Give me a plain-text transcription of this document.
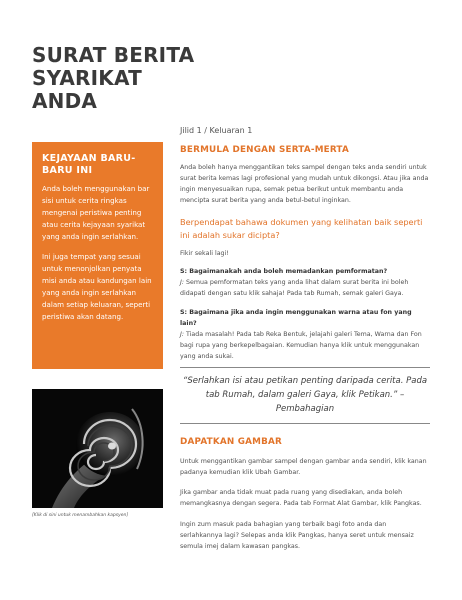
SURAT BERITA
SYARIKAT
ANDA
KEJAYAAN BARU-BARU INI

Anda boleh menggunakan bar sisi untuk cerita ringkas mengenai peristiwa penting atau cerita kejayaan syarikat yang anda ingin serlahkan.

Ini juga tempat yang sesuai untuk menonjolkan penyata misi anda atau kandungan lain yang anda ingin serlahkan dalam setiap keluaran, seperti peristiwa akan datang.

[Klik di sini untuk menambahkan kapsyen]
Jilid 1 / Keluaran 1
BERMULA DENGAN SERTA-MERTA
Anda boleh hanya menggantikan teks sampel dengan teks anda sendiri untuk surat berita kemas lagi profesional yang mudah untuk dikongsi. Atau jika anda ingin menyesuaikan rupa, semak petua berikut untuk membantu anda mencipta surat berita yang anda betul-betul inginkan.
Berpendapat bahawa dokumen yang kelihatan baik seperti ini adalah sukar dicipta?
Fikir sekali lagi!
S: Bagaimanakah anda boleh memadankan pemformatan?
J: Semua pemformatan teks yang anda lihat dalam surat berita ini boleh didapati dengan satu klik sahaja! Pada tab Rumah, semak galeri Gaya.
S: Bagaimana jika anda ingin menggunakan warna atau fon yang lain?
J: Tiada masalah! Pada tab Reka Bentuk, jelajahi galeri Tema, Warna dan Fon bagi rupa yang berkepelbagaian. Kemudian hanya klik untuk menggunakan yang anda sukai.
“Serlahkan isi atau petikan penting daripada cerita. Pada tab Rumah, dalam galeri Gaya, klik Petikan.” – Pembahagian
DAPATKAN GAMBAR
Untuk menggantikan gambar sampel dengan gambar anda sendiri, klik kanan padanya kemudian klik Ubah Gambar.
Jika gambar anda tidak muat pada ruang yang disediakan, anda boleh memangkasnya dengan segera. Pada tab Format Alat Gambar, klik Pangkas.
Ingin zum masuk pada bahagian yang terbaik bagi foto anda dan serlahkannya lagi? Selepas anda klik Pangkas, hanya seret untuk mensaiz semula imej dalam kawasan pangkas.
